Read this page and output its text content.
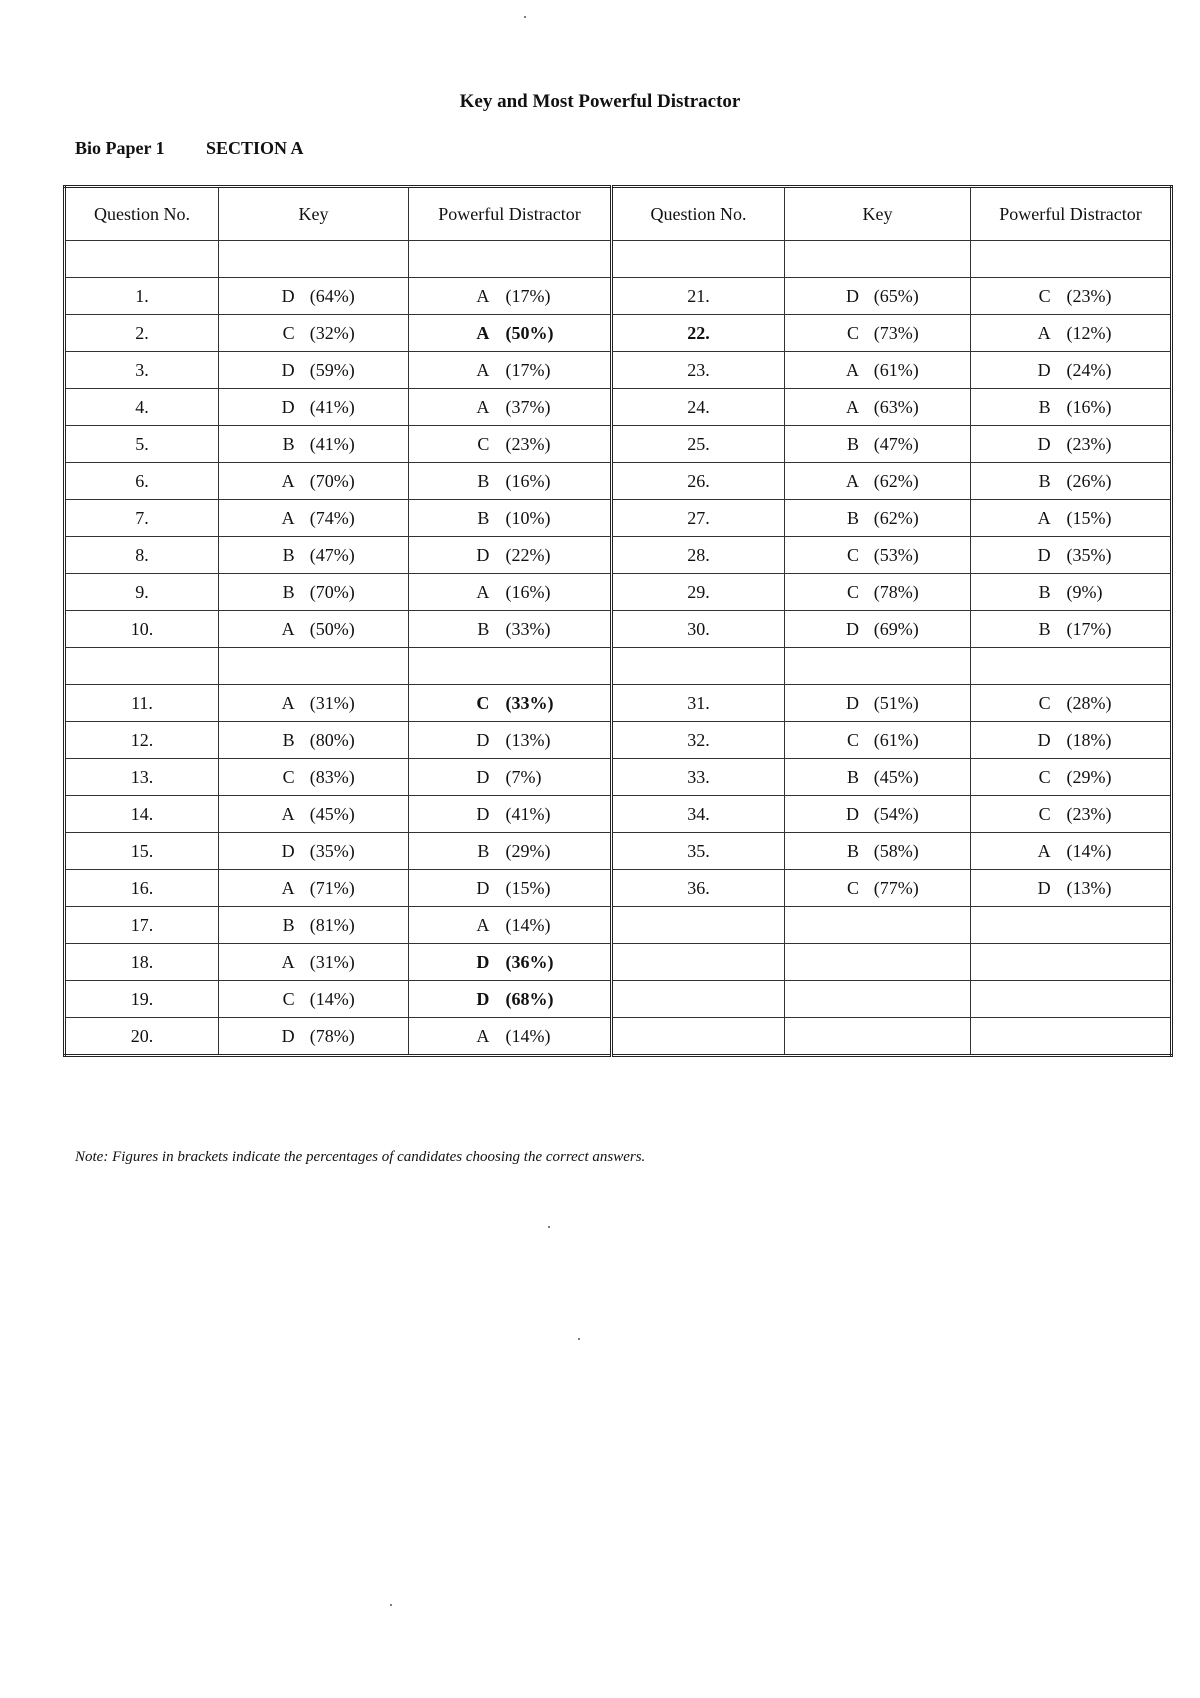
Key and Most Powerful Distractor
Bio Paper 1 SECTION A
Question No.	Key	Powerful Distractor	Question No.	Key	Powerful Distractor

1.	D (64%)	A (17%)	21.	D (65%)	C (23%)

2.	C (32%)	A (50%)	22.	C (73%)	A (12%)

3.	D (59%)	A (17%)	23.	A (61%)	D (24%)

4.	D (41%)	A (37%)	24.	A (63%)	B (16%)

5.	B (41%)	C (23%)	25.	B (47%)	D (23%)

6.	A (70%)	B (16%)	26.	A (62%)	B (26%)

7.	A (74%)	B (10%)	27.	B (62%)	A (15%)

8.	B (47%)	D (22%)	28.	C (53%)	D (35%)

9.	B (70%)	A (16%)	29.	C (78%)	B (9%)

10.	A (50%)	B (33%)	30.	D (69%)	B (17%)

11.	A (31%)	C (33%)	31.	D (51%)	C (28%)

12.	B (80%)	D (13%)	32.	C (61%)	D (18%)

13.	C (83%)	D (7%)	33.	B (45%)	C (29%)

14.	A (45%)	D (41%)	34.	D (54%)	C (23%)

15.	D (35%)	B (29%)	35.	B (58%)	A (14%)

16.	A (71%)	D (15%)	36.	C (77%)	D (13%)

17.	B (81%)	A (14%)			

18.	A (31%)	D (36%)			

19.	C (14%)	D (68%)			

20.	D (78%)	A (14%)			

Note: Figures in brackets indicate the percentages of candidates choosing the correct answers.
